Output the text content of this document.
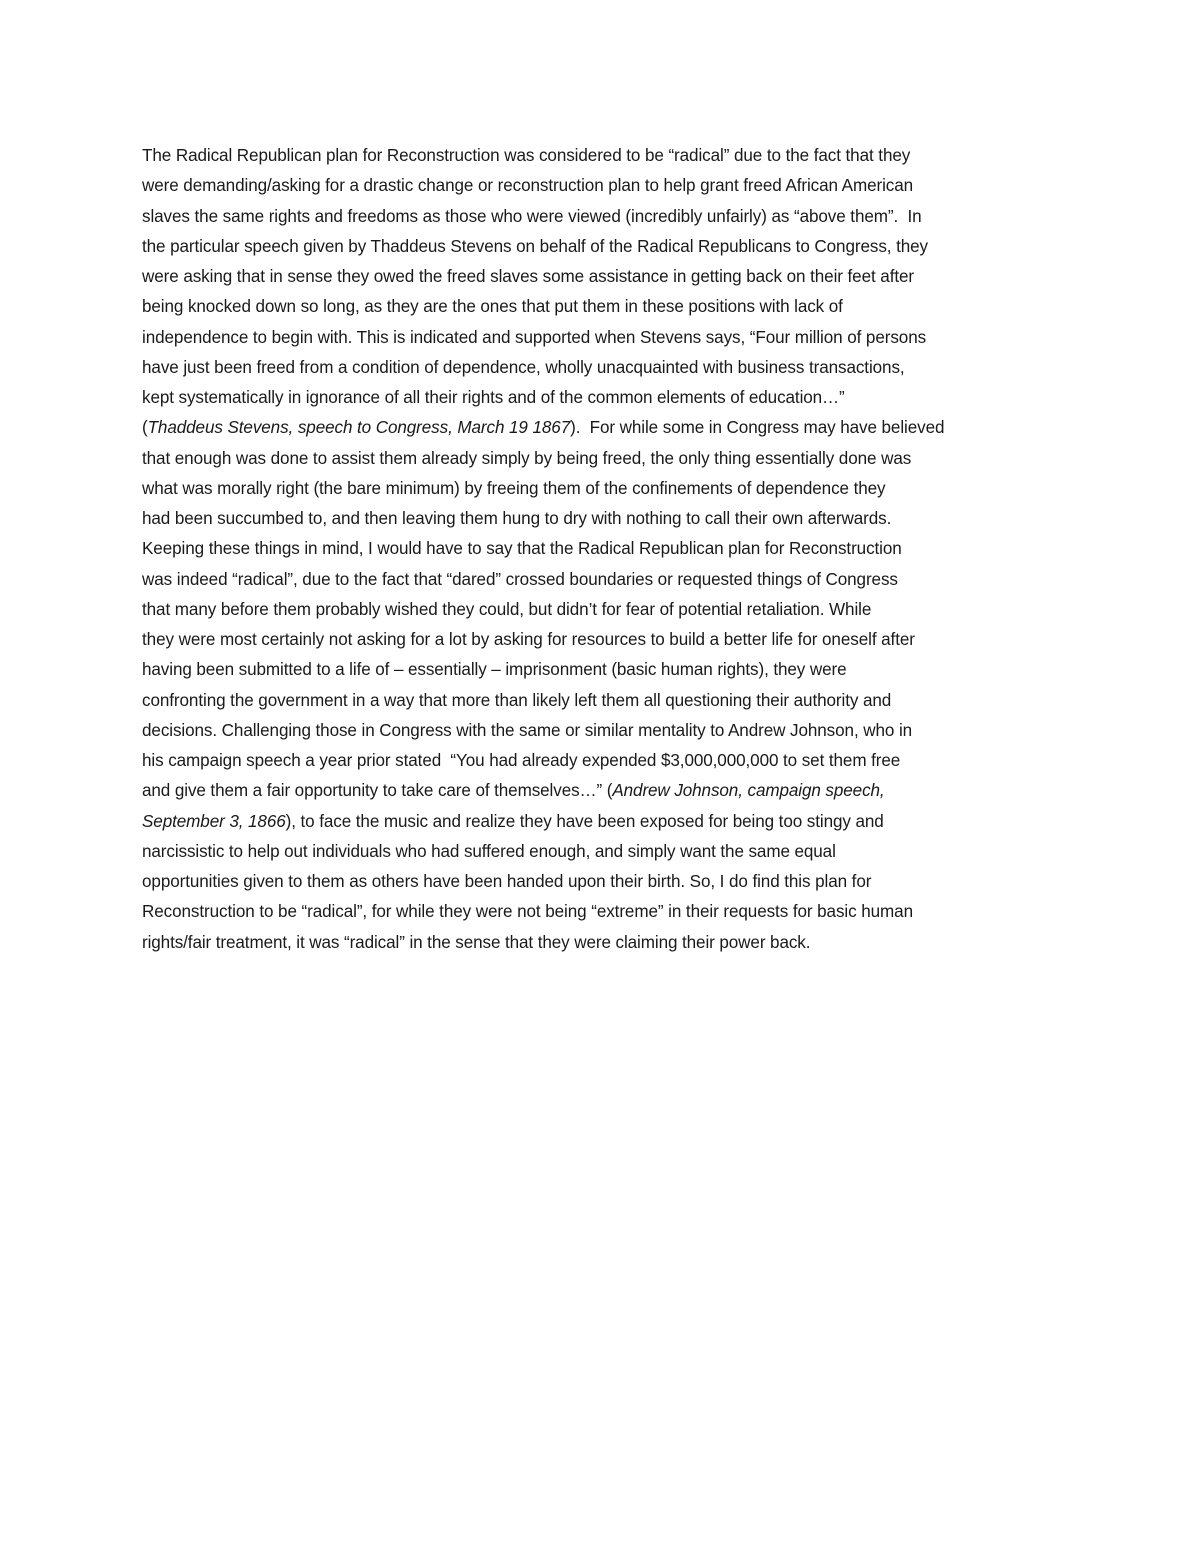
The Radical Republican plan for Reconstruction was considered to be “radical” due to the fact that they
were demanding/asking for a drastic change or reconstruction plan to help grant freed African American
slaves the same rights and freedoms as those who were viewed (incredibly unfairly) as “above them”.  In
the particular speech given by Thaddeus Stevens on behalf of the Radical Republicans to Congress, they
were asking that in sense they owed the freed slaves some assistance in getting back on their feet after
being knocked down so long, as they are the ones that put them in these positions with lack of
independence to begin with. This is indicated and supported when Stevens says, “Four million of persons
have just been freed from a condition of dependence, wholly unacquainted with business transactions,
kept systematically in ignorance of all their rights and of the common elements of education…”
(Thaddeus Stevens, speech to Congress, March 19 1867).  For while some in Congress may have believed
that enough was done to assist them already simply by being freed, the only thing essentially done was
what was morally right (the bare minimum) by freeing them of the confinements of dependence they
had been succumbed to, and then leaving them hung to dry with nothing to call their own afterwards.
Keeping these things in mind, I would have to say that the Radical Republican plan for Reconstruction
was indeed “radical”, due to the fact that “dared” crossed boundaries or requested things of Congress
that many before them probably wished they could, but didn’t for fear of potential retaliation. While
they were most certainly not asking for a lot by asking for resources to build a better life for oneself after
having been submitted to a life of – essentially – imprisonment (basic human rights), they were
confronting the government in a way that more than likely left them all questioning their authority and
decisions. Challenging those in Congress with the same or similar mentality to Andrew Johnson, who in
his campaign speech a year prior stated  “You had already expended $3,000,000,000 to set them free
and give them a fair opportunity to take care of themselves…” (Andrew Johnson, campaign speech,
September 3, 1866), to face the music and realize they have been exposed for being too stingy and
narcissistic to help out individuals who had suffered enough, and simply want the same equal
opportunities given to them as others have been handed upon their birth. So, I do find this plan for
Reconstruction to be “radical”, for while they were not being “extreme” in their requests for basic human
rights/fair treatment, it was “radical” in the sense that they were claiming their power back.
